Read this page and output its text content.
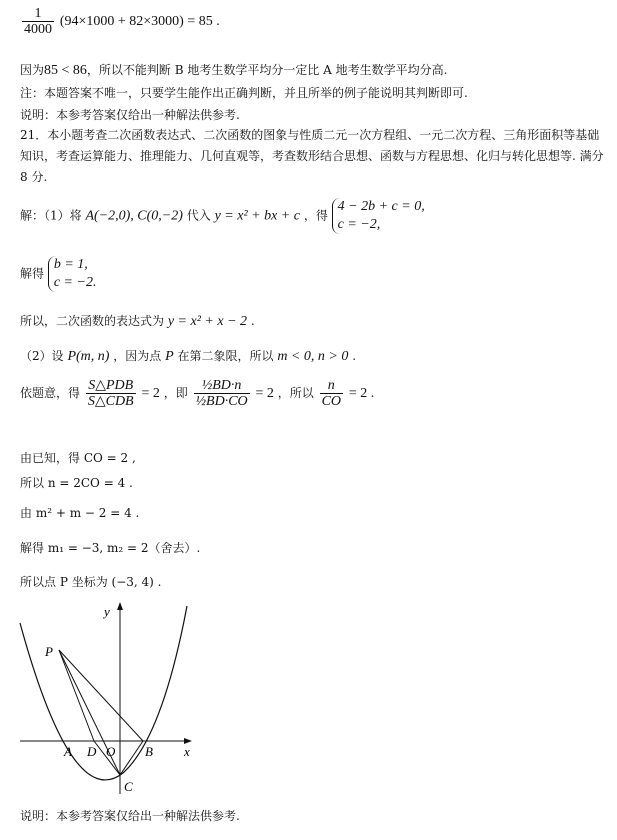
$\frac{1}{4000} (94\times 1000 + 82\times 3000) = 85$ .
因为85 < 86，所以不能判断 B 地考生数学平均分一定比 A 地考生数学平均分高.
注：本题答案不唯一，只要学生能作出正确判断，并且所举的例子能说明其判断即可.
说明：本参考答案仅给出一种解法供参考.
21．本小题考查二次函数表达式、二次函数的图象与性质二元一次方程组、一元二次方程、三角形面积等基础知识，考查运算能力、推理能力、几何直观等，考查数形结合思想、函数与方程思想、化归与转化思想等. 满分 8 分.
解：（1）将 A(−2,0), C(0,−2) 代入 y = x² + bx + c ，得
4 − 2b + c = 0,
c = −2,
解得
b = 1,
c = −2.
所以，二次函数的表达式为 y = x² + x − 2 .
（2）设 P(m, n) ，因为点 P 在第二象限，所以 m < 0, n > 0 .
依题意，得 $\frac{\text{S△PDB}}{\text{S△CDB}} = 2$ ，即 $\frac{\text{½BD·n}}{\text{½BD·CO}} = 2$ ，所以 $\frac{n}{CO} = 2$ .
由已知，得 CO = 2 ,
所以 n = 2CO = 4 .
由 m² + m − 2 = 4 .
解得 m₁ = −3, m₂ = 2（舍去）.
所以点 P 坐标为 (−3, 4) .
x
y
P
A D O B
C
说明：本参考答案仅给出一种解法供参考.
